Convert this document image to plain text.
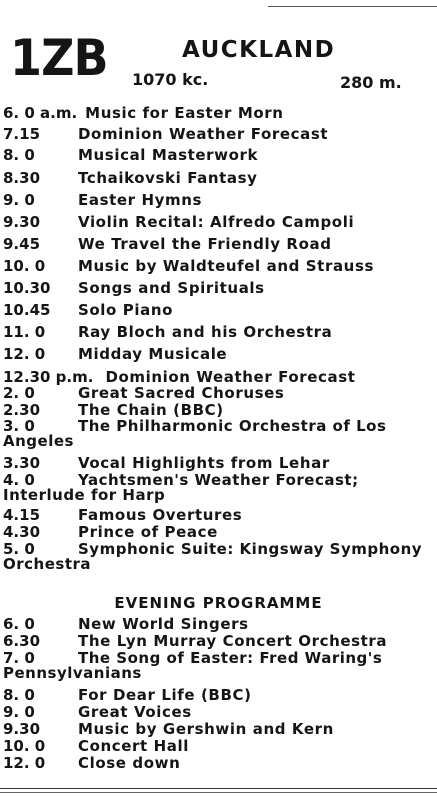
1ZB	AUCKLAND
1070 kc.	280 m.
6. 0 a.m. Music for Easter Morn
7.15	Dominion Weather Forecast
8. 0	Musical Masterwork
8.30	Tchaikovski Fantasy
9. 0	Easter Hymns
9.30	Violin Recital: Alfredo Campoli
9.45	We Travel the Friendly Road
10. 0 Music by Waldteufel and Strauss
10.30 Songs and Spirituals
10.45 Solo Piano
11. 0 Ray Bloch and his Orchestra
12. 0 Midday Musicale
12.30 p.m. Dominion Weather Forecast
2. 0	Great Sacred Choruses
2.30	The Chain (BBC)
3. 0	The Philharmonic Orchestra of Los Angeles
3.30	Vocal Highlights from Lehar
4. 0	Yachtsmen's Weather Forecast; Interlude for Harp
4.15	Famous Overtures
4.30	Prince of Peace
5. 0	Symphonic Suite: Kingsway Symphony Orchestra
EVENING PROGRAMME
6. 0	New World Singers
6.30	The Lyn Murray Concert Orchestra
7. 0	The Song of Easter: Fred Waring's Pennsylvanians
8. 0	For Dear Life (BBC)
9. 0	Great Voices
9.30	Music by Gershwin and Kern
10. 0 Concert Hall
12. 0 Close down
